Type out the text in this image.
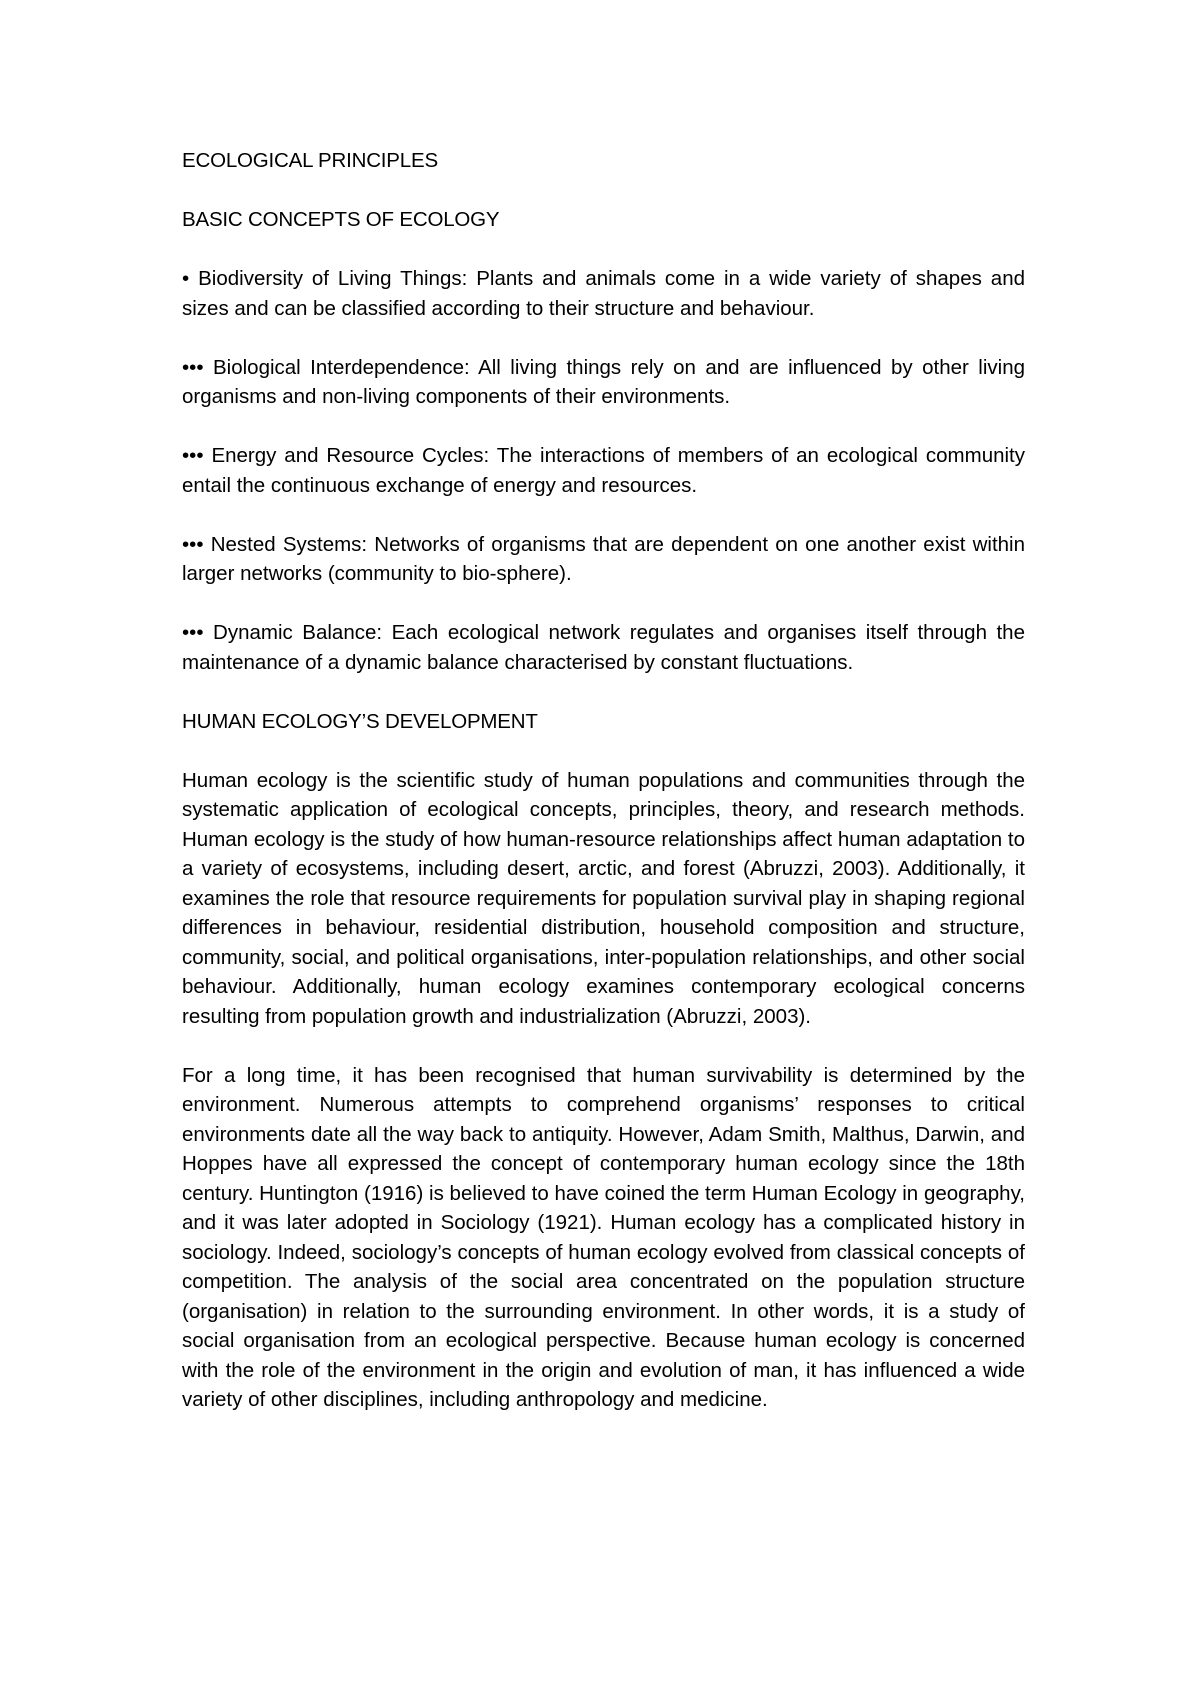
ECOLOGICAL PRINCIPLES
BASIC CONCEPTS OF ECOLOGY

• Biodiversity of Living Things: Plants and animals come in a wide variety of shapes and sizes and can be classified according to their structure and behaviour.

••• Biological Interdependence: All living things rely on and are influenced by other living organisms and non-living components of their environments.

••• Energy and Resource Cycles: The interactions of members of an ecological community entail the continuous exchange of energy and resources.

••• Nested Systems: Networks of organisms that are dependent on one another exist within larger networks (community to bio-sphere).

••• Dynamic Balance: Each ecological network regulates and organises itself through the maintenance of a dynamic balance characterised by constant fluctuations.

HUMAN ECOLOGY’S DEVELOPMENT

Human ecology is the scientific study of human populations and communities through the systematic application of ecological concepts, principles, theory, and research methods. Human ecology is the study of how human-resource relationships affect human adaptation to a variety of ecosystems, including desert, arctic, and forest (Abruzzi, 2003). Additionally, it examines the role that resource requirements for population survival play in shaping regional differences in behaviour, residential distribution, household composition and structure, community, social, and political organisations, inter-population relationships, and other social behaviour. Additionally, human ecology examines contemporary ecological concerns resulting from population growth and industrialization (Abruzzi, 2003).

For a long time, it has been recognised that human survivability is determined by the environment. Numerous attempts to comprehend organisms’ responses to critical environments date all the way back to antiquity. However, Adam Smith, Malthus, Darwin, and Hoppes have all expressed the concept of contemporary human ecology since the 18th century. Huntington (1916) is believed to have coined the term Human Ecology in geography, and it was later adopted in Sociology (1921). Human ecology has a complicated history in sociology. Indeed, sociology’s concepts of human ecology evolved from classical concepts of competition. The analysis of the social area concentrated on the population structure (organisation) in relation to the surrounding environment. In other words, it is a study of social organisation from an ecological perspective. Because human ecology is concerned with the role of the environment in the origin and evolution of man, it has influenced a wide variety of other disciplines, including anthropology and medicine.
